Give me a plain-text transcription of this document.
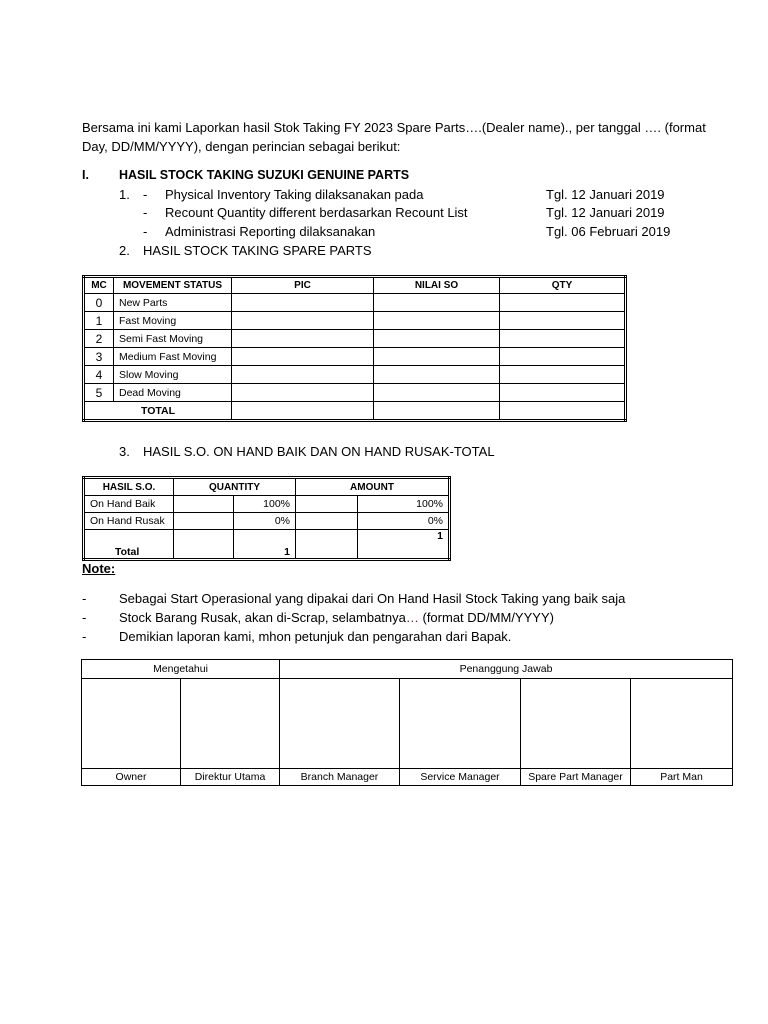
Bersama ini kami Laporkan hasil Stok Taking FY 2023 Spare Parts….(Dealer name)., per tanggal …. (format Day, DD/MM/YYYY), dengan perincian sebagai berikut:
I. HASIL STOCK TAKING SUZUKI GENUINE PARTS
1. - Physical Inventory Taking dilaksanakan pada	Tgl. 12 Januari 2019
- Recount Quantity different berdasarkan Recount List	Tgl. 12 Januari 2019
- Administrasi Reporting dilaksanakan	Tgl. 06 Februari 2019
2. HASIL STOCK TAKING SPARE PARTS
MC	MOVEMENT STATUS	PIC	NILAI SO	QTY
0	New Parts			
1	Fast Moving			
2	Semi Fast Moving			
3	Medium Fast Moving			
4	Slow Moving			
5	Dead Moving			
TOTAL				
3. HASIL S.O. ON HAND BAIK DAN ON HAND RUSAK-TOTAL
HASIL S.O.	QUANTITY		AMOUNT	
On Hand Baik		100%		100%
On Hand Rusak		0%		0%
Total		1		1
Note:
-	Sebagai Start Operasional yang dipakai dari On Hand Hasil Stock Taking yang baik saja
-	Stock Barang Rusak, akan di-Scrap, selambatnya… (format DD/MM/YYYY)
-	Demikian laporan kami, mhon petunjuk dan pengarahan dari Bapak.
Mengetahui		Penanggung Jawab			

Owner	Direktur Utama	Branch Manager	Service Manager	Spare Part Manager	Part Man
